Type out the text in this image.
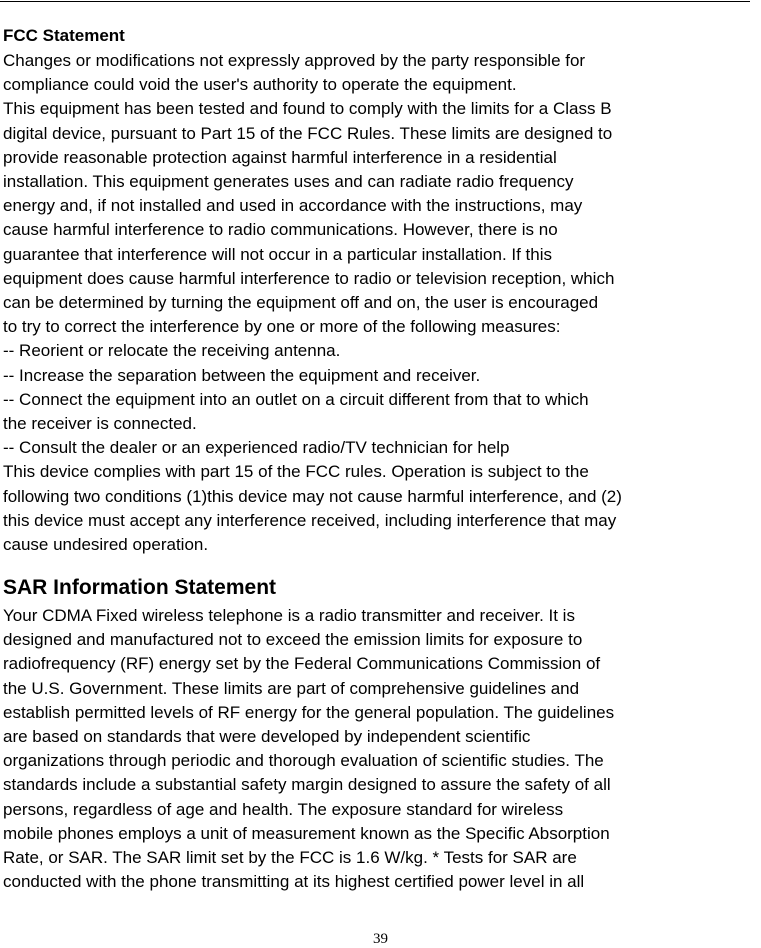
FCC Statement
Changes or modifications not expressly approved by the party responsible for
compliance could void the user's authority to operate the equipment.
This equipment has been tested and found to comply with the limits for a Class B
digital device, pursuant to Part 15 of the FCC Rules. These limits are designed to
provide reasonable protection against harmful interference in a residential
installation. This equipment generates uses and can radiate radio frequency
energy and, if not installed and used in accordance with the instructions, may
cause harmful interference to radio communications. However, there is no
guarantee that interference will not occur in a particular installation. If this
equipment does cause harmful interference to radio or television reception, which
can be determined by turning the equipment off and on, the user is encouraged
to try to correct the interference by one or more of the following measures:
-- Reorient or relocate the receiving antenna.
-- Increase the separation between the equipment and receiver.
-- Connect the equipment into an outlet on a circuit different from that to which
the receiver is connected.
-- Consult the dealer or an experienced radio/TV technician for help
This device complies with part 15 of the FCC rules. Operation is subject to the
following two conditions (1)this device may not cause harmful interference, and (2)
this device must accept any interference received, including interference that may
cause undesired operation.
SAR Information Statement
Your CDMA Fixed wireless telephone is a radio transmitter and receiver. It is
designed and manufactured not to exceed the emission limits for exposure to
radiofrequency (RF) energy set by the Federal Communications Commission of
the U.S. Government. These limits are part of comprehensive guidelines and
establish permitted levels of RF energy for the general population. The guidelines
are based on standards that were developed by independent scientific
organizations through periodic and thorough evaluation of scientific studies. The
standards include a substantial safety margin designed to assure the safety of all
persons, regardless of age and health. The exposure standard for wireless
mobile phones employs a unit of measurement known as the Specific Absorption
Rate, or SAR. The SAR limit set by the FCC is 1.6 W/kg. * Tests for SAR are
conducted with the phone transmitting at its highest certified power level in all
39
